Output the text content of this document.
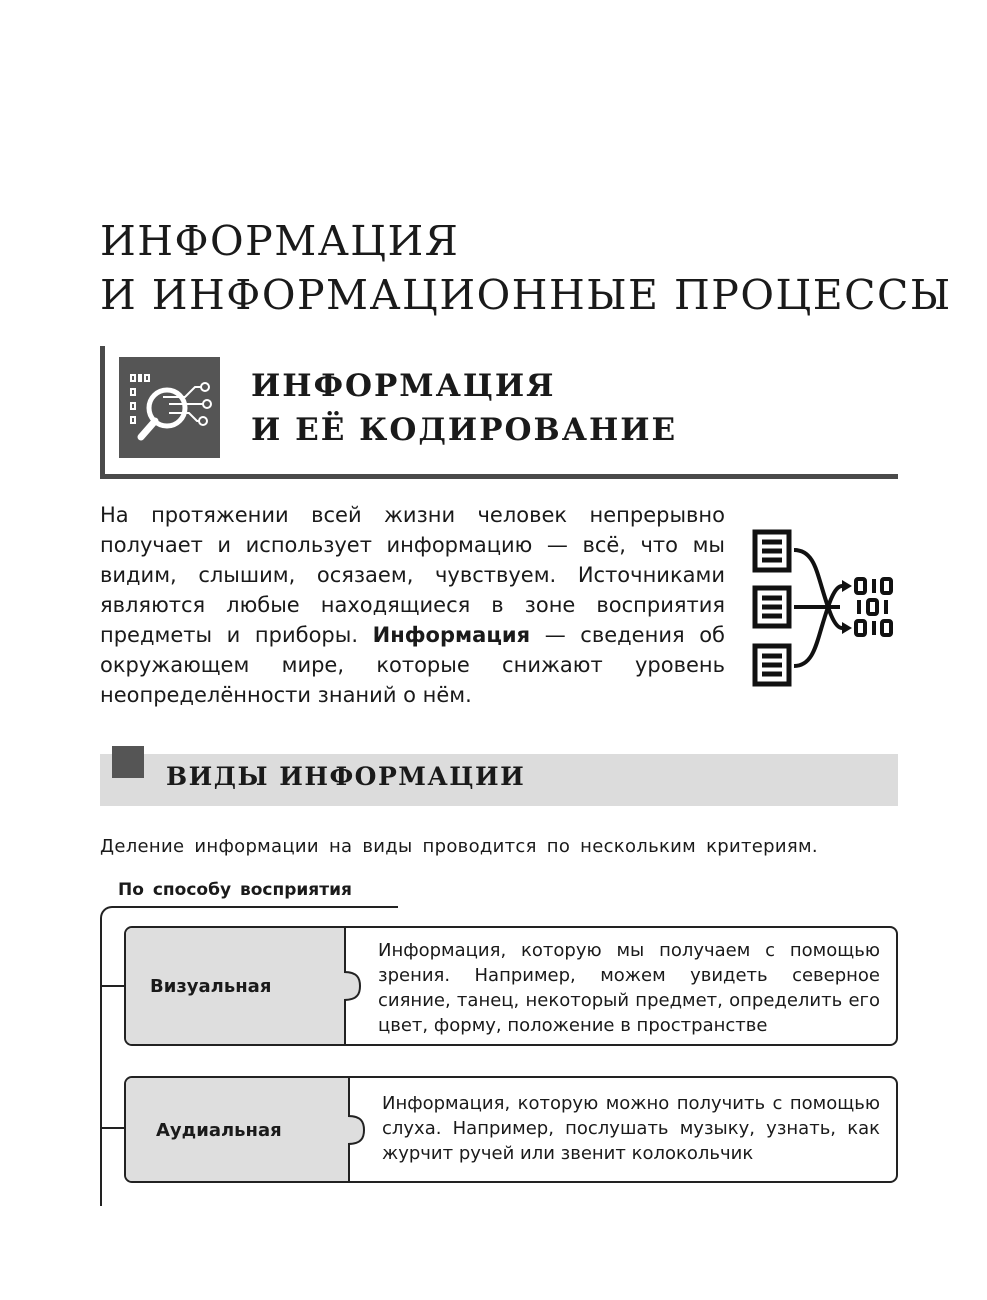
ИНФОРМАЦИЯ
И ИНФОРМАЦИОННЫЕ ПРОЦЕССЫ
ИНФОРМАЦИЯ
И ЕЁ КОДИРОВАНИЕ
На протяжении всей жизни человек непрерывно получает и использует информацию — всё, что мы видим, слышим, осязаем, чувствуем. Источниками являются любые находящиеся в зоне восприятия предметы и приборы. Информация — сведения об окружающем мире, которые снижают уровень неопределённости знаний о нём.
ВИДЫ ИНФОРМАЦИИ
Деление информации на виды проводится по нескольким критериям.
По способу восприятия
Визуальная
Информация, которую мы получаем с помощью зрения. Например, можем увидеть северное сияние, танец, некоторый предмет, определить его цвет, форму, положение в пространстве
Аудиальная
Информация, которую можно получить с помощью слуха. Например, послушать музыку, узнать, как журчит ручей или звенит колокольчик
